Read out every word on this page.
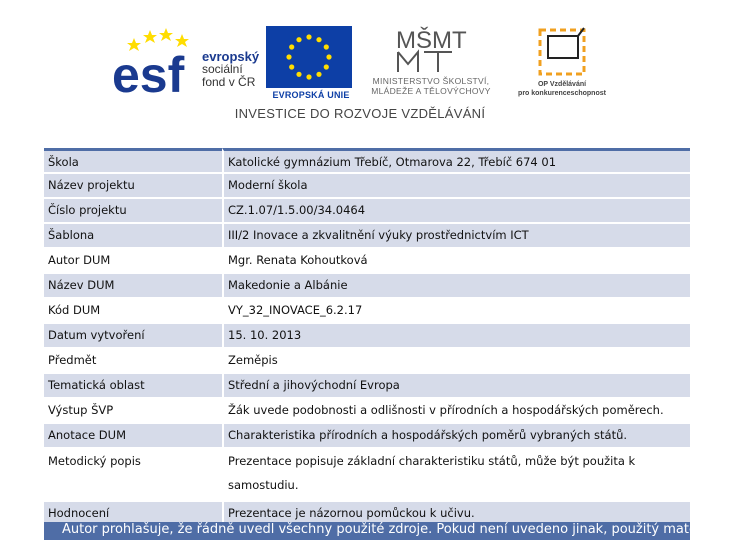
esf evropský
sociální
fond v ČR
EVROPSKÁ UNIE
MŠMT
MINISTERSTVO ŠKOLSTVÍ,
MLÁDEŽE A TĚLOVÝCHOVY
OP Vzdělávání
pro konkurenceschopnost
INVESTICE DO ROZVOJE VZDĚLÁVÁNÍ
Škola	Katolické gymnázium Třebíč, Otmarova 22, Třebíč 674 01
Název projektu	Moderní škola
Číslo projektu	CZ.1.07/1.5.00/34.0464
Šablona	III/2 Inovace a zkvalitnění výuky prostřednictvím ICT
Autor DUM	Mgr. Renata Kohoutková
Název DUM	Makedonie a Albánie
Kód DUM	VY_32_INOVACE_6.2.17
Datum vytvoření	15. 10. 2013
Předmět	Zeměpis
Tematická oblast	Střední a jihovýchodní Evropa
Výstup ŠVP	Žák uvede podobnosti a odlišnosti v přírodních a hospodářských poměrech.
Anotace DUM	Charakteristika přírodních a hospodářských poměrů vybraných států.
Metodický popis	Prezentace popisuje základní charakteristiku států, může být použita k samostudiu.
Hodnocení	Prezentace je názornou pomůckou k učivu.
Autor prohlašuje, že řádně uvedl všechny použité zdroje. Pokud není uvedeno jinak, použitý materiál je
